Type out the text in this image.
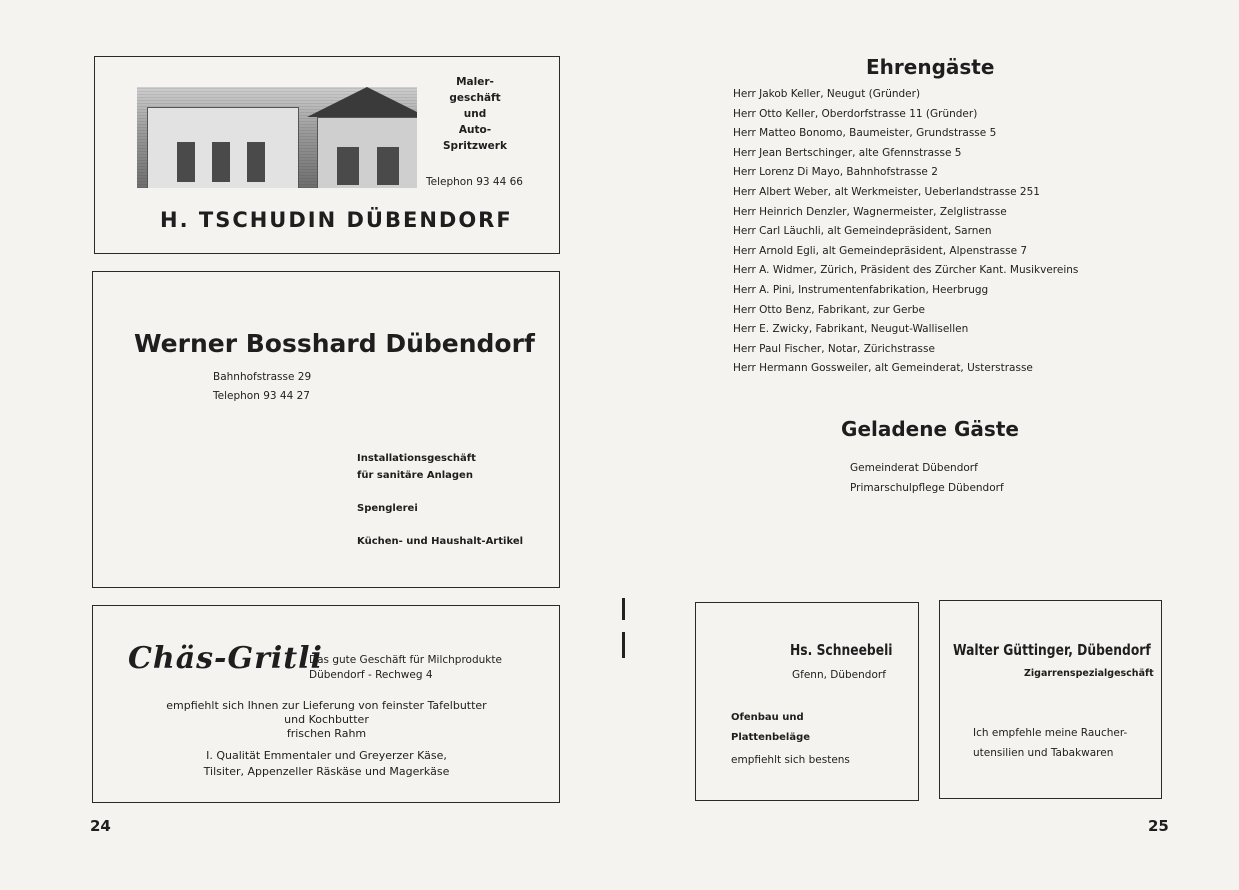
24	25
Maler-
geschäft
und
Auto-
Spritzwerk
Telephon 93 44 66
H. TSCHUDIN DÜBENDORF
Werner Bosshard Dübendorf
Bahnhofstrasse 29
Telephon 93 44 27
Installationsgeschäft
für sanitäre Anlagen
Spenglerei
Küchen- und Haushalt-Artikel
Chäs-Gritli
Das gute Geschäft für Milchprodukte
Dübendorf - Rechweg 4
empfiehlt sich Ihnen zur Lieferung von feinster Tafelbutter
und Kochbutter
frischen Rahm
I. Qualität Emmentaler und Greyerzer Käse,
Tilsiter, Appenzeller Räskäse und Magerkäse
Ehrengäste
Herr Jakob Keller, Neugut (Gründer)
Herr Otto Keller, Oberdorfstrasse 11 (Gründer)
Herr Matteo Bonomo, Baumeister, Grundstrasse 5
Herr Jean Bertschinger, alte Gfennstrasse 5
Herr Lorenz Di Mayo, Bahnhofstrasse 2
Herr Albert Weber, alt Werkmeister, Ueberlandstrasse 251
Herr Heinrich Denzler, Wagnermeister, Zelglistrasse
Herr Carl Läuchli, alt Gemeindepräsident, Sarnen
Herr Arnold Egli, alt Gemeindepräsident, Alpenstrasse 7
Herr A. Widmer, Zürich, Präsident des Zürcher Kant. Musikvereins
Herr A. Pini, Instrumentenfabrikation, Heerbrugg
Herr Otto Benz, Fabrikant, zur Gerbe
Herr E. Zwicky, Fabrikant, Neugut-Wallisellen
Herr Paul Fischer, Notar, Zürichstrasse
Herr Hermann Gossweiler, alt Gemeinderat, Usterstrasse
Geladene Gäste
Gemeinderat Dübendorf
Primarschulpflege Dübendorf
Hs. Schneebeli
Gfenn, Dübendorf
Ofenbau und
Plattenbeläge
empfiehlt sich bestens
Walter Güttinger, Dübendorf
Zigarrenspezialgeschäft
Ich empfehle meine Raucher-
utensilien und Tabakwaren
